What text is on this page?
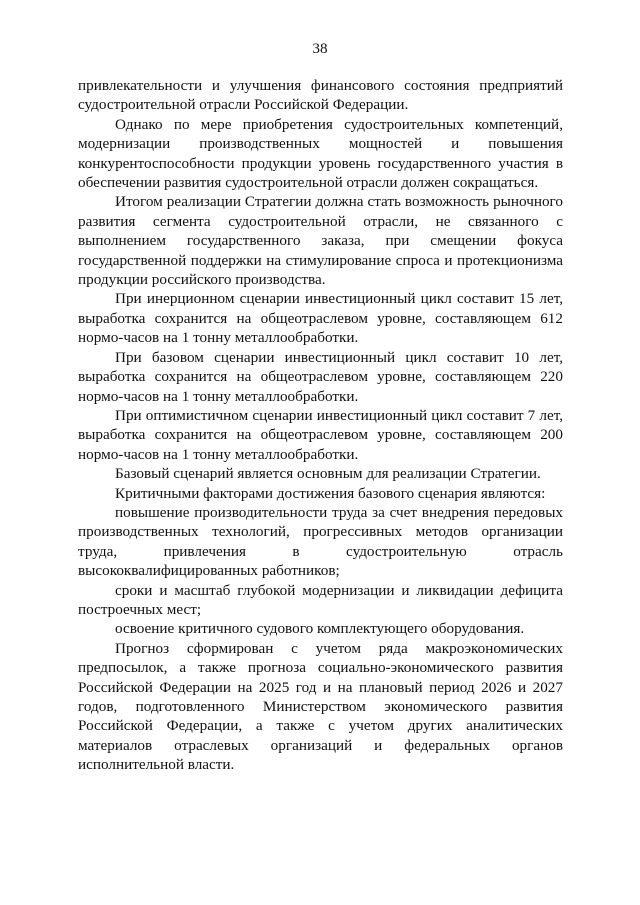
38

привлекательности и улучшения финансового состояния предприятий судостроительной отрасли Российской Федерации.

Однако по мере приобретения судостроительных компетенций, модернизации производственных мощностей и повышения конкурентоспособности продукции уровень государственного участия в обеспечении развития судостроительной отрасли должен сокращаться.

Итогом реализации Стратегии должна стать возможность рыночного развития сегмента судостроительной отрасли, не связанного с выполнением государственного заказа, при смещении фокуса государственной поддержки на стимулирование спроса и протекционизма продукции российского производства.

При инерционном сценарии инвестиционный цикл составит 15 лет, выработка сохранится на общеотраслевом уровне, составляющем 612 нормо-часов на 1 тонну металлообработки.

При базовом сценарии инвестиционный цикл составит 10 лет, выработка сохранится на общеотраслевом уровне, составляющем 220 нормо-часов на 1 тонну металлообработки.

При оптимистичном сценарии инвестиционный цикл составит 7 лет, выработка сохранится на общеотраслевом уровне, составляющем 200 нормо-часов на 1 тонну металлообработки.

Базовый сценарий является основным для реализации Стратегии.

Критичными факторами достижения базового сценария являются:

повышение производительности труда за счет внедрения передовых производственных технологий, прогрессивных методов организации труда, привлечения в судостроительную отрасль высококвалифицированных работников;

сроки и масштаб глубокой модернизации и ликвидации дефицита построечных мест;

освоение критичного судового комплектующего оборудования.

Прогноз сформирован с учетом ряда макроэкономических предпосылок, а также прогноза социально-экономического развития Российской Федерации на 2025 год и на плановый период 2026 и 2027 годов, подготовленного Министерством экономического развития Российской Федерации, а также с учетом других аналитических материалов отраслевых организаций и федеральных органов исполнительной власти.
